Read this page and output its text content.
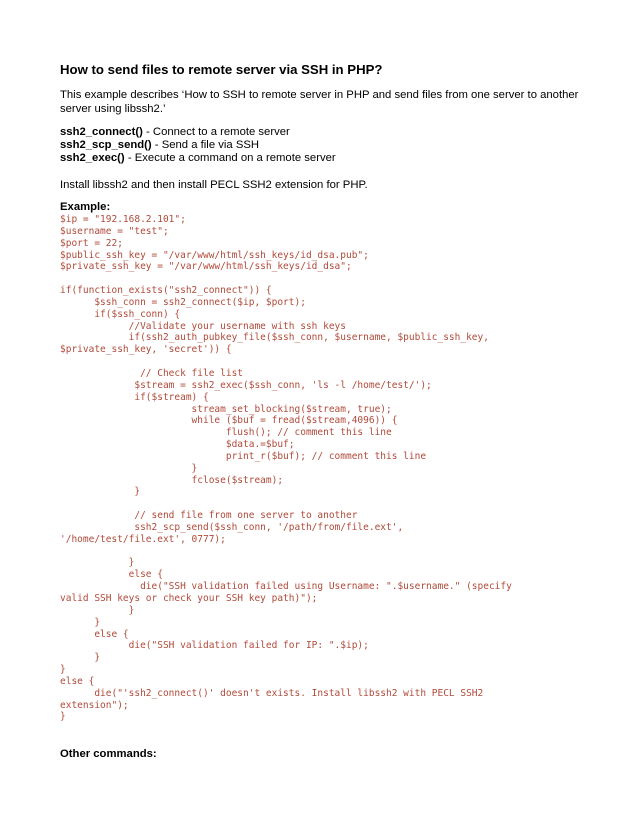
How to send files to remote server via SSH in PHP?
This example describes ‘How to SSH to remote server in PHP and send files from one server to another server using libssh2.’
ssh2_connect() - Connect to a remote server
ssh2_scp_send() - Send a file via SSH
ssh2_exec() - Execute a command on a remote server
Install libssh2 and then install PECL SSH2 extension for PHP.
Example:
$ip = "192.168.2.101";
$username = "test";
$port = 22;
$public_ssh_key = "/var/www/html/ssh_keys/id_dsa.pub";
$private_ssh_key = "/var/www/html/ssh_keys/id_dsa";

if(function_exists("ssh2_connect")) {
$ssh_conn = ssh2_connect($ip, $port);
if($ssh_conn) {
//Validate your username with ssh keys
if(ssh2_auth_pubkey_file($ssh_conn, $username, $public_ssh_key,
$private_ssh_key, 'secret')) {

// Check file list
$stream = ssh2_exec($ssh_conn, 'ls -l /home/test/');
if($stream) {
stream_set_blocking($stream, true);
while ($buf = fread($stream,4096)) {
flush(); // comment this line
$data.=$buf;
print_r($buf); // comment this line
}
fclose($stream);
}

// send file from one server to another
ssh2_scp_send($ssh_conn, '/path/from/file.ext',
'/home/test/file.ext', 0777);

}
else {
die("SSH validation failed using Username: ".$username." (specify
valid SSH keys or check your SSH key path)");
}
}
else {
die("SSH validation failed for IP: ".$ip);
}
}
else {
die("'ssh2_connect()' doesn't exists. Install libssh2 with PECL SSH2
extension");
}

Other commands:
